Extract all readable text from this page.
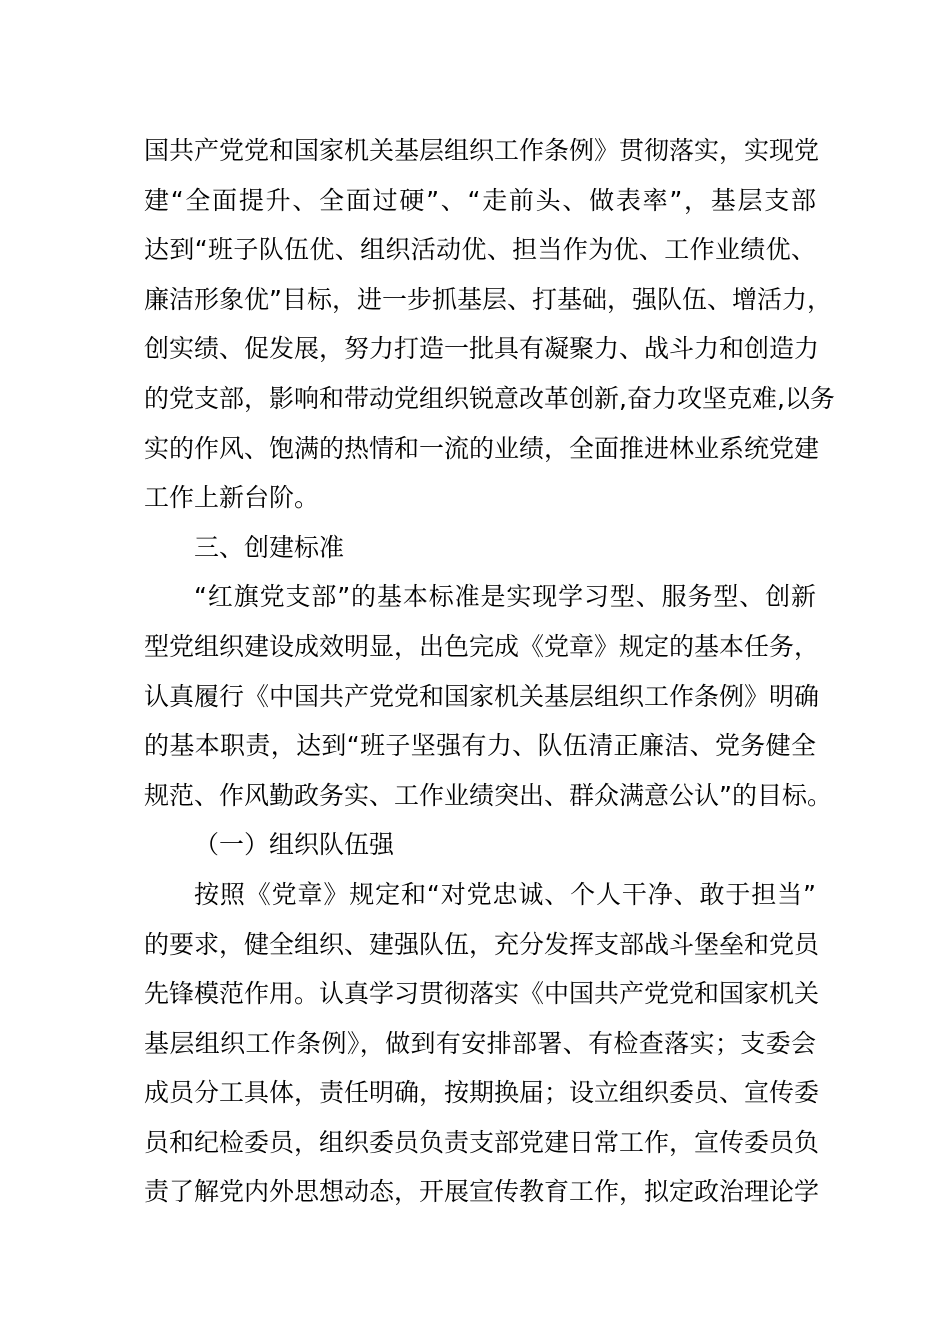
国共产党党和国家机关基层组织工作条例》贯彻落实，实现党
建“全面提升、全面过硬”、“走前头、做表率”，基层支部
达到“班子队伍优、组织活动优、担当作为优、工作业绩优、
廉洁形象优”目标，进一步抓基层、打基础，强队伍、增活力，
创实绩、促发展，努力打造一批具有凝聚力、战斗力和创造力
的党支部，影响和带动党组织锐意改革创新,奋力攻坚克难,以务
实的作风、饱满的热情和一流的业绩，全面推进林业系统党建
工作上新台阶。
三、创建标准
“红旗党支部”的基本标准是实现学习型、服务型、创新
型党组织建设成效明显，出色完成《党章》规定的基本任务，
认真履行《中国共产党党和国家机关基层组织工作条例》明确
的基本职责，达到“班子坚强有力、队伍清正廉洁、党务健全
规范、作风勤政务实、工作业绩突出、群众满意公认”的目标。
（一）组织队伍强
按照《党章》规定和“对党忠诚、个人干净、敢于担当”
的要求，健全组织、建强队伍，充分发挥支部战斗堡垒和党员
先锋模范作用。认真学习贯彻落实《中国共产党党和国家机关
基层组织工作条例》，做到有安排部署、有检查落实；支委会
成员分工具体，责任明确，按期换届；设立组织委员、宣传委
员和纪检委员，组织委员负责支部党建日常工作，宣传委员负
责了解党内外思想动态，开展宣传教育工作，拟定政治理论学
